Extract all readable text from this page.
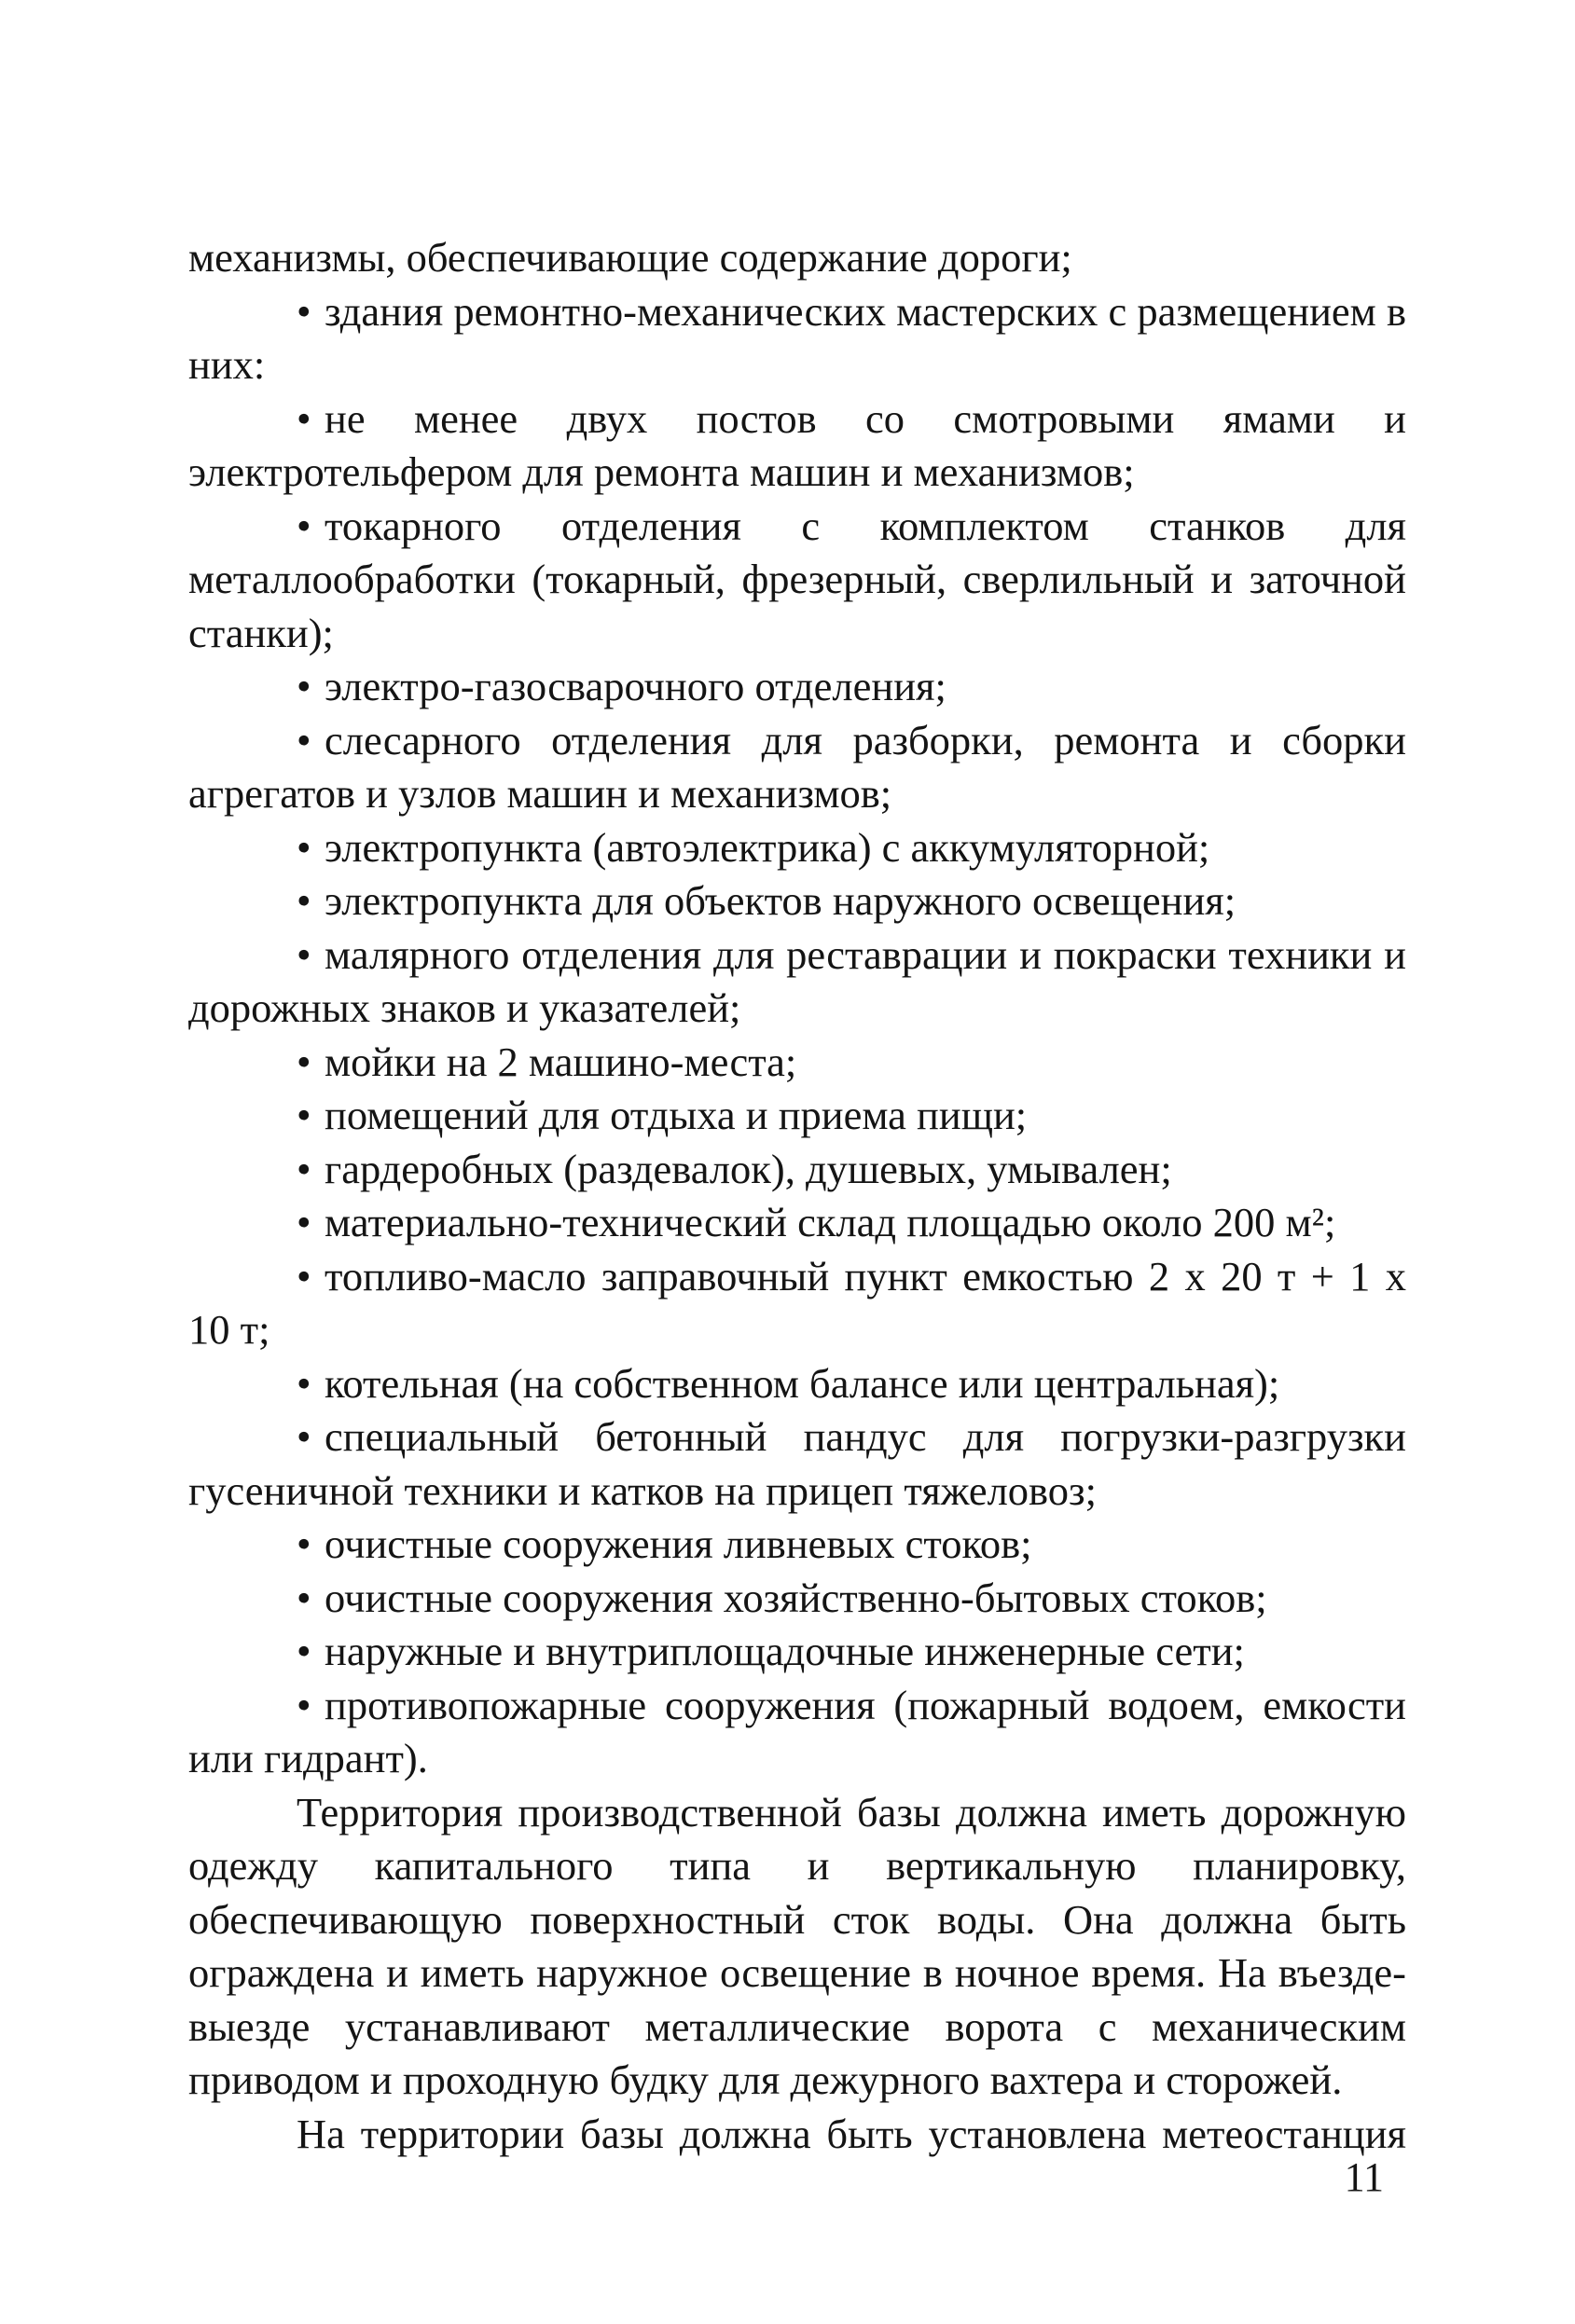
механизмы, обеспечивающие содержание дороги;

• здания ремонтно-механических мастерских с размещением в них:

• не менее двух постов со смотровыми ямами и электротельфером для ремонта машин и механизмов;

• токарного отделения с комплектом станков для металлообработки (токарный, фрезерный, сверлильный и заточной станки);

• электро-газосварочного отделения;

• слесарного отделения для разборки, ремонта и сборки агрегатов и узлов машин и механизмов;

• электропункта (автоэлектрика) с аккумуляторной;

• электропункта для объектов наружного освещения;

• малярного отделения для реставрации и покраски техники и дорожных знаков и указателей;

• мойки на 2 машино-места;

• помещений для отдыха и приема пищи;

• гардеробных (раздевалок), душевых, умывален;

• материально-технический склад площадью около 200 м²;

• топливо-масло заправочный пункт емкостью 2 х 20 т + 1 х 10 т;

• котельная (на собственном балансе или центральная);

• специальный бетонный пандус для погрузки-разгрузки гусеничной техники и катков на прицеп тяжеловоз;

• очистные сооружения ливневых стоков;

• очистные сооружения хозяйственно-бытовых стоков;

• наружные и внутриплощадочные инженерные сети;

• противопожарные сооружения (пожарный водоем, емкости или гидрант).

Территория производственной базы должна иметь дорожную одежду капитального типа и вертикальную планировку, обеспечивающую поверхностный сток воды. Она должна быть ограждена и иметь наружное освещение в ночное время. На въезде-выезде устанавливают металлические ворота с механическим приводом и проходную будку для дежурного вахтера и сторожей.

На территории базы должна быть установлена метеостанция

11
